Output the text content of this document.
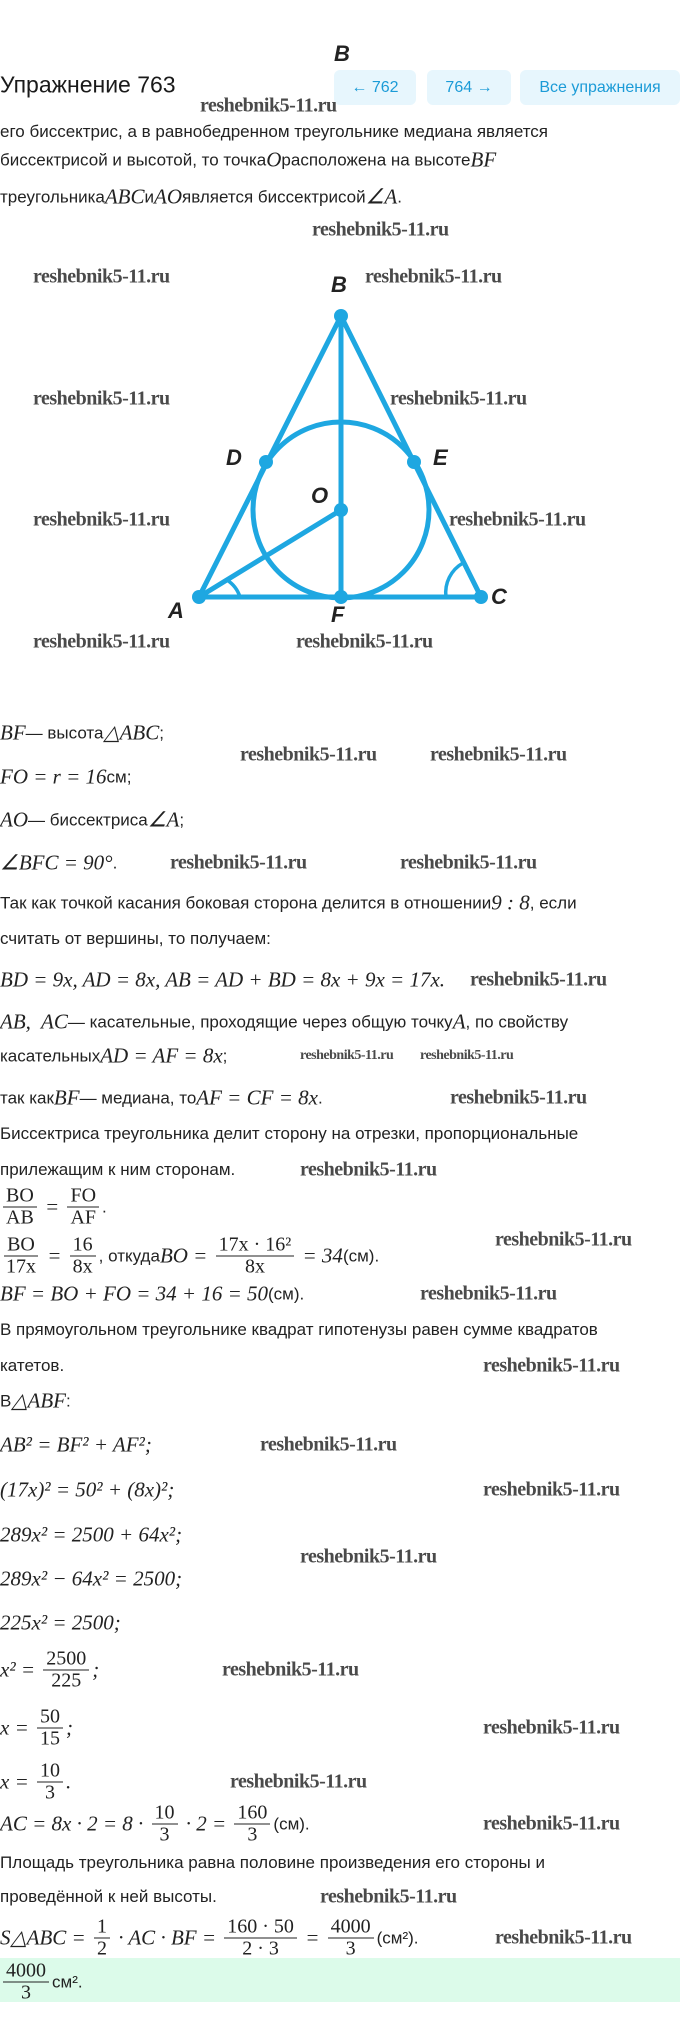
Упражнение 763	← 762	764 →	Все упражнения
B
B
D	E
O
A	F
C
его биссектрис, а в равнобедренном треугольнике медиана является
биссектрисой и высотой, то точка O расположена на высоте BF
треугольника ABC и AO является биссектрисой ∠A .
BF — высота △ABC ;
FO = r = 16 см;
AO — биссектриса ∠A ;
∠BFC = 90° .
Так как точкой касания боковая сторона делится в отношении 9 : 8 , если
считать от вершины, то получаем:
BD = 9x, AD = 8x, AB = AD + BD = 8x + 9x = 17x.
AB,  AC — касательные, проходящие через общую точку A , по свойству
касательных AD = AF = 8x ;
так как BF — медиана, то AF = CF = 8x .
Биссектриса треугольника делит сторону на отрезки, пропорциональные
прилежащим к ним сторонам.
$\frac{BO}{AB} = \frac{FO}{AF}$ .
$\frac{BO}{17x} = \frac{16}{8x}$ , откуда BO = $\frac{\text{17x · 16²}}{8x} = 34$ (см).
BF = BO + FO = 34 + 16 = 50 (см).
В прямоугольном треугольнике квадрат гипотенузы равен сумме квадратов
катетов.
В △ABF :
AB² = BF² + AF²;
(17x)² = 50² + (8x)²;
289x² = 2500 + 64x²;
289x² − 64x² = 2500;
225x² = 2500;
$x^2 = \frac{2500}{225}$ ;
$x = \frac{50}{15}$ ;
$x = \frac{10}{3}$ .
AC = $8x \cdot 2 = 8 \cdot \frac{10}{3} \cdot 2 = \frac{160}{3} (см)$.
Площадь треугольника равна половине произведения его стороны и
проведённой к ней высоты.
S△ABC = $\frac{1}{2}$ · AC · BF = $\frac{160 \cdot 50}{2 \cdot 3} = \frac{4000}{3} (см^2)$.
$\frac{4000}{3} см^2$.
reshebnik5-11.ru
reshebnik5-11.ru
reshebnik5-11.ru	reshebnik5-11.ru
reshebnik5-11.ru	reshebnik5-11.ru
reshebnik5-11.ru	reshebnik5-11.ru
reshebnik5-11.ru	reshebnik5-11.ru
reshebnik5-11.ru	reshebnik5-11.ru
reshebnik5-11.ru	reshebnik5-11.ru
reshebnik5-11.ru
reshebnik5-11.ru
reshebnik5-11.ru
reshebnik5-11.ru
reshebnik5-11.ru
reshebnik5-11.ru
reshebnik5-11.ru
reshebnik5-11.ru
reshebnik5-11.ru
reshebnik5-11.ru
reshebnik5-11.ru
reshebnik5-11.ru
reshebnik5-11.ru
reshebnik5-11.ru
reshebnik5-11.ru
reshebnik5-11.ru
reshebnik5-11.ru
